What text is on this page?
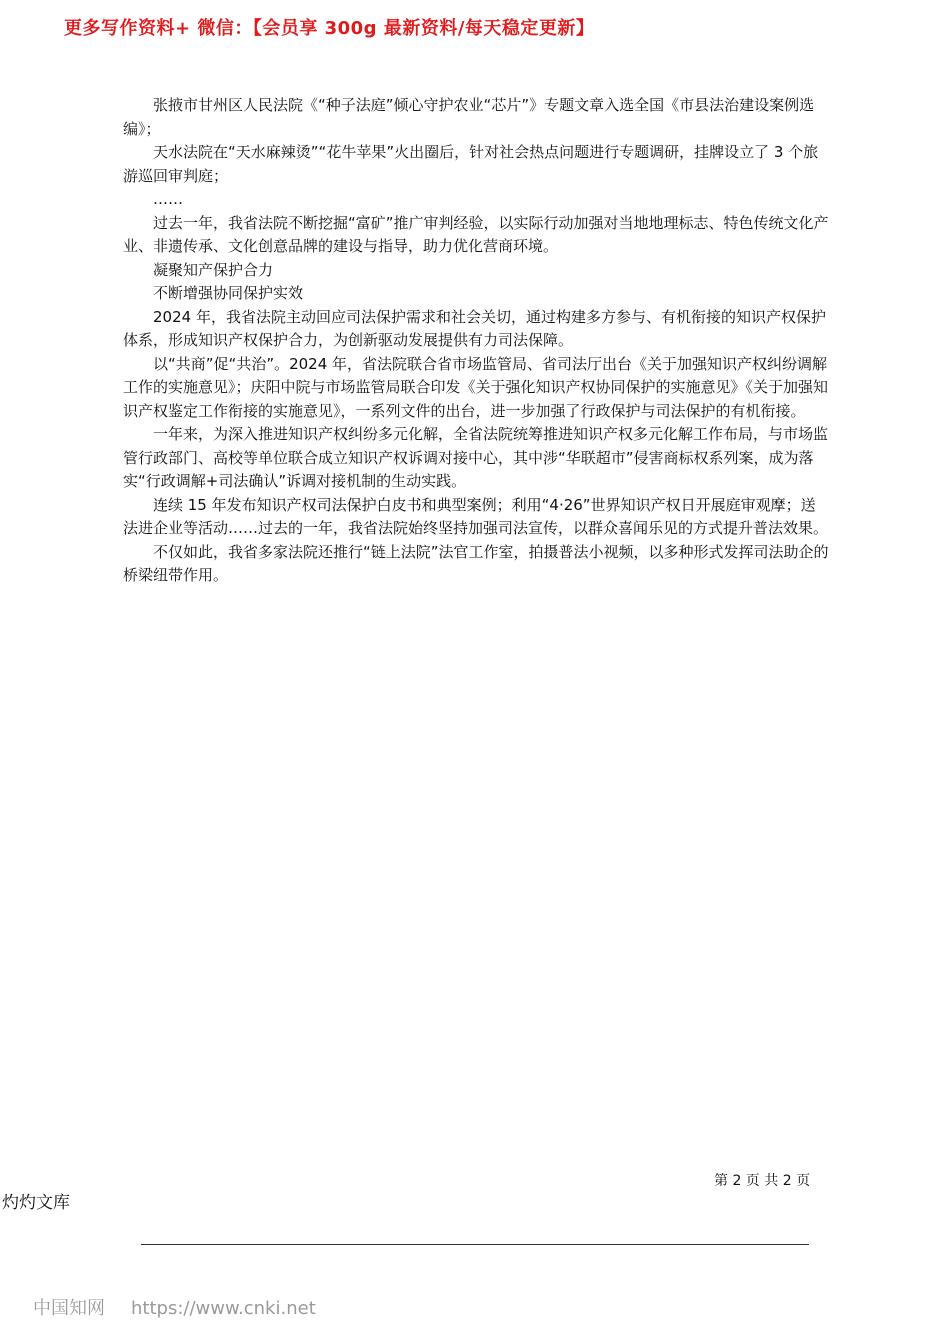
更多写作资料+ 微信：【会员享 300g 最新资料/每天稳定更新】

张掖市甘州区人民法院《“种子法庭”倾心守护农业“芯片”》专题文章入选全国《市县法治建设案例选编》；

天水法院在“天水麻辣烫”“花牛苹果”火出圈后，针对社会热点问题进行专题调研，挂牌设立了 3 个旅游巡回审判庭；

……

过去一年，我省法院不断挖掘“富矿”推广审判经验，以实际行动加强对当地地理标志、特色传统文化产业、非遗传承、文化创意品牌的建设与指导，助力优化营商环境。

凝聚知产保护合力

不断增强协同保护实效

2024 年，我省法院主动回应司法保护需求和社会关切，通过构建多方参与、有机衔接的知识产权保护体系，形成知识产权保护合力，为创新驱动发展提供有力司法保障。

以“共商”促“共治”。2024 年，省法院联合省市场监管局、省司法厅出台《关于加强知识产权纠纷调解工作的实施意见》；庆阳中院与市场监管局联合印发《关于强化知识产权协同保护的实施意见》《关于加强知识产权鉴定工作衔接的实施意见》，一系列文件的出台，进一步加强了行政保护与司法保护的有机衔接。

一年来，为深入推进知识产权纠纷多元化解，全省法院统筹推进知识产权多元化解工作布局，与市场监管行政部门、高校等单位联合成立知识产权诉调对接中心，其中涉“华联超市”侵害商标权系列案，成为落实“行政调解+司法确认”诉调对接机制的生动实践。

连续 15 年发布知识产权司法保护白皮书和典型案例；利用“4·26”世界知识产权日开展庭审观摩；送法进企业等活动……过去的一年，我省法院始终坚持加强司法宣传，以群众喜闻乐见的方式提升普法效果。

不仅如此，我省多家法院还推行“链上法院”法官工作室，拍摄普法小视频，以多种形式发挥司法助企的桥梁纽带作用。

第 2 页 共 2 页
灼灼文库
中国知网 https://www.cnki.net
